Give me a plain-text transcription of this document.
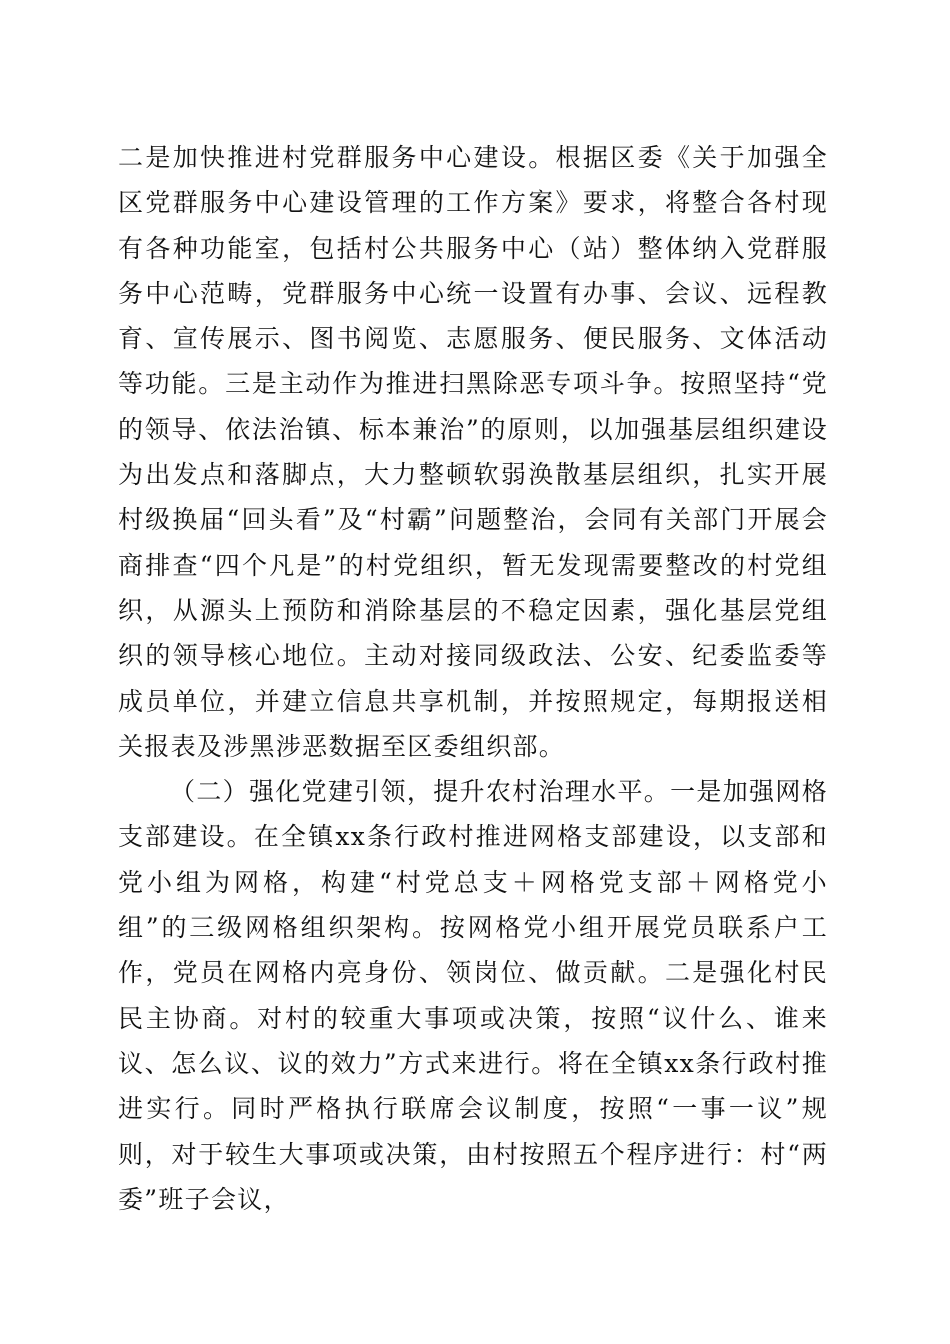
二是加快推进村党群服务中心建设。根据区委《关于加强全区党群服务中心建设管理的工作方案》要求，将整合各村现有各种功能室，包括村公共服务中心（站）整体纳入党群服务中心范畴，党群服务中心统一设置有办事、会议、远程教育、宣传展示、图书阅览、志愿服务、便民服务、文体活动等功能。三是主动作为推进扫黑除恶专项斗争。按照坚持“党的领导、依法治镇、标本兼治”的原则，以加强基层组织建设为出发点和落脚点，大力整顿软弱涣散基层组织，扎实开展村级换届“回头看”及“村霸”问题整治，会同有关部门开展会商排查“四个凡是”的村党组织，暂无发现需要整改的村党组织，从源头上预防和消除基层的不稳定因素，强化基层党组织的领导核心地位。主动对接同级政法、公安、纪委监委等成员单位，并建立信息共享机制，并按照规定，每期报送相关报表及涉黑涉恶数据至区委组织部。

（二）强化党建引领，提升农村治理水平。一是加强网格支部建设。在全镇xx条行政村推进网格支部建设，以支部和党小组为网格，构建“村党总支＋网格党支部＋网格党小组”的三级网格组织架构。按网格党小组开展党员联系户工作，党员在网格内亮身份、领岗位、做贡献。二是强化村民民主协商。对村的较重大事项或决策，按照“议什么、谁来议、怎么议、议的效力”方式来进行。将在全镇xx条行政村推进实行。同时严格执行联席会议制度，按照“一事一议”规则，对于较生大事项或决策，由村按照五个程序进行：村“两委”班子会议，
